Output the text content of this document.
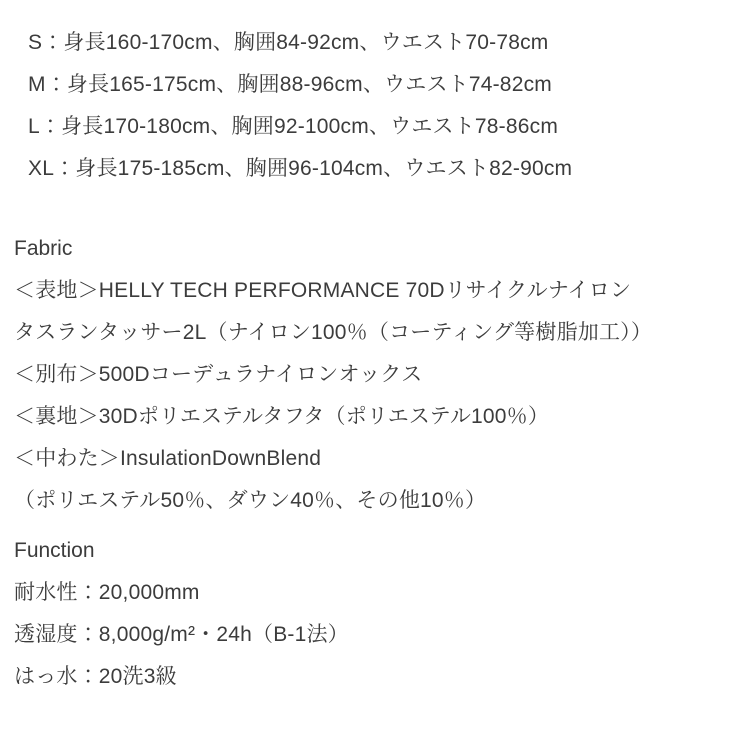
S：身長160-170cm、胸囲84-92cm、ウエスト70-78cm
M：身長165-175cm、胸囲88-96cm、ウエスト74-82cm
L：身長170-180cm、胸囲92-100cm、ウエスト78-86cm
XL：身長175-185cm、胸囲96-104cm、ウエスト82-90cm
Fabric
＜表地＞HELLY TECH PERFORMANCE 70Dリサイクルナイロン
タスランタッサー2L（ナイロン100％（コーティング等樹脂加工））
＜別布＞500Dコーデュラナイロンオックス
＜裏地＞30Dポリエステルタフタ（ポリエステル100％）
＜中わた＞InsulationDownBlend
（ポリエステル50％、ダウン40％、その他10％）
Function
耐水性：20,000mm
透湿度：8,000g/m²・24h（B-1法）
はっ水：20洗3級
